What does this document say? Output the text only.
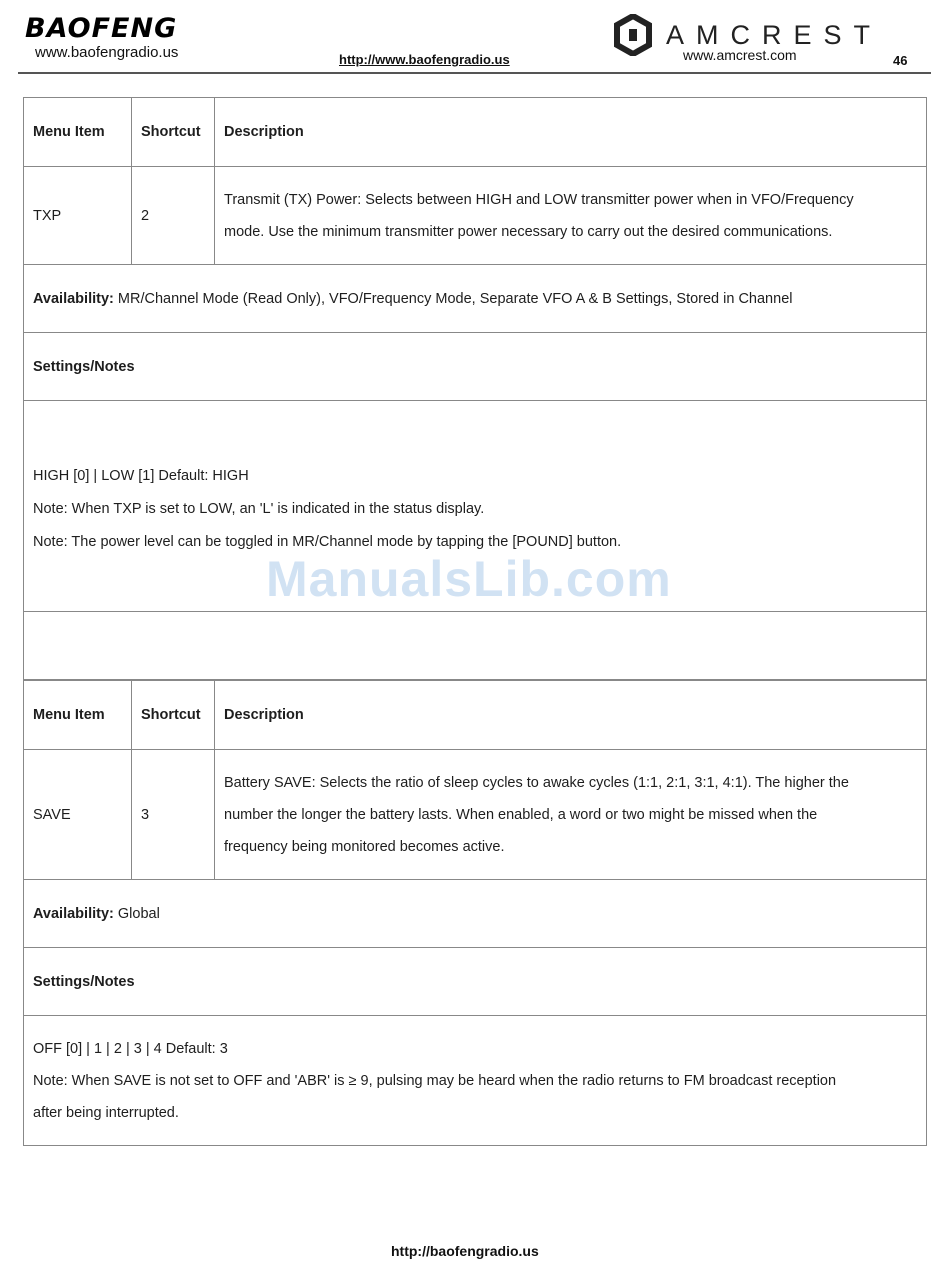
BAOFENG
www.baofengradio.us	http://www.baofengradio.us
AMCREST
www.amcrest.com	46
Menu Item	Shortcut	Description
TXP	2	Transmit (TX) Power: Selects between HIGH and LOW transmitter power when in VFO/Frequency
mode. Use the minimum transmitter power necessary to carry out the desired communications.

Availability: MR/Channel Mode (Read Only), VFO/Frequency Mode, Separate VFO A & B Settings, Stored in Channel		
Settings/Notes		

HIGH [0] | LOW [1] Default: HIGH
Note: When TXP is set to LOW, an 'L' is indicated in the status display.
Note: The power level can be toggled in MR/Channel mode by tapping the [POUND] button.		

Menu Item	Shortcut	Description
SAVE	3	Battery SAVE: Selects the ratio of sleep cycles to awake cycles (1:1, 2:1, 3:1, 4:1). The higher the
number the longer the battery lasts. When enabled, a word or two might be missed when the
frequency being monitored becomes active.

Availability: Global		
Settings/Notes		

OFF [0] | 1 | 2 | 3 | 4 Default: 3
Note: When SAVE is not set to OFF and 'ABR' is ≥ 9, pulsing may be heard when the radio returns to FM broadcast reception
after being interrupted.		
ManualsLib.com
http://baofengradio.us
